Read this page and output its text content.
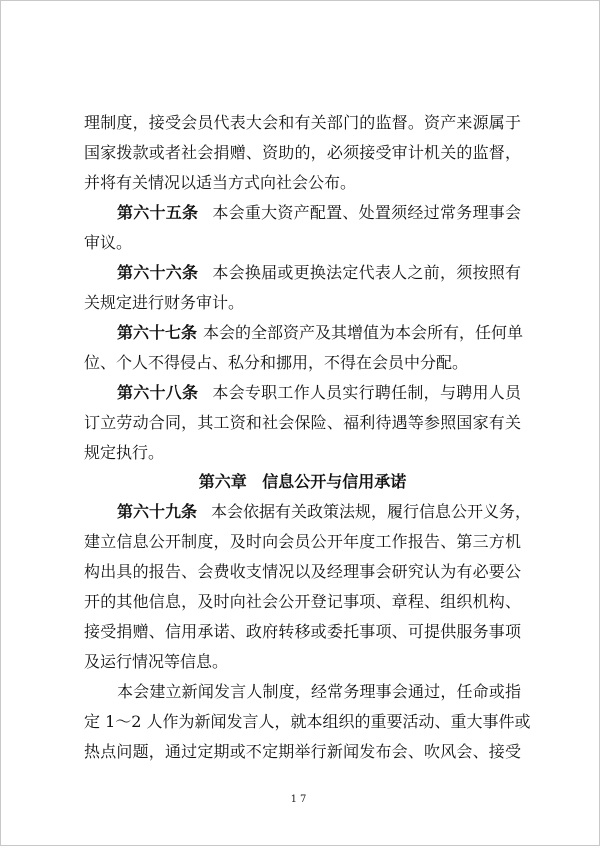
理制度，接受会员代表大会和有关部门的监督。资产来源属于
国家拨款或者社会捐赠、资助的，必须接受审计机关的监督，
并将有关情况以适当方式向社会公布。
第六十五条 本会重大资产配置、处置须经过常务理事会
审议。
第六十六条 本会换届或更换法定代表人之前，须按照有
关规定进行财务审计。
第六十七条 本会的全部资产及其增值为本会所有，任何单
位、个人不得侵占、私分和挪用，不得在会员中分配。
第六十八条 本会专职工作人员实行聘任制，与聘用人员
订立劳动合同，其工资和社会保险、福利待遇等参照国家有关
规定执行。
第六章 信息公开与信用承诺
第六十九条 本会依据有关政策法规，履行信息公开义务，
建立信息公开制度，及时向会员公开年度工作报告、第三方机
构出具的报告、会费收支情况以及经理事会研究认为有必要公
开的其他信息，及时向社会公开登记事项、章程、组织机构、
接受捐赠、信用承诺、政府转移或委托事项、可提供服务事项
及运行情况等信息。
本会建立新闻发言人制度，经常务理事会通过，任命或指
定 1～2 人作为新闻发言人，就本组织的重要活动、重大事件或
热点问题，通过定期或不定期举行新闻发布会、吹风会、接受
17
